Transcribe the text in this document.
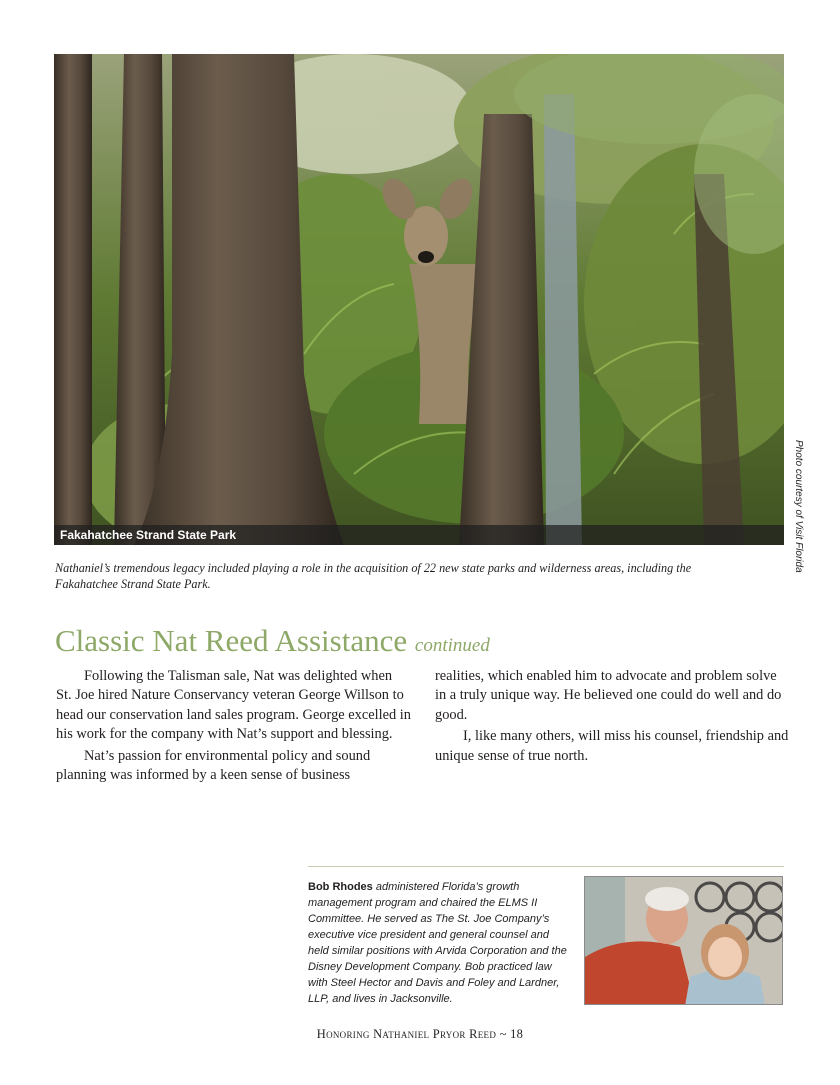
Fakahatchee Strand State Park	Photo courtesy of Visit Florida
Nathaniel’s tremendous legacy included playing a role in the acquisition of 22 new state parks and wilderness areas, including the Fakahatchee Strand State Park.
Classic Nat Reed Assistance continued

Following the Talisman sale, Nat was delighted when St. Joe hired Nature Conservancy veteran George Willson to head our conservation land sales program. George excelled in his work for the company with Nat’s support and blessing.

Nat’s passion for environmental policy and sound planning was informed by a keen sense of business

realities, which enabled him to advocate and problem solve in a truly unique way. He believed one could do well and do good.

I, like many others, will miss his counsel, friendship and unique sense of true north.

Bob Rhodes administered Florida’s growth management program and chaired the ELMS II Committee. He served as The St. Joe Company’s executive vice president and general counsel and held similar positions with Arvida Corporation and the Disney Development Company. Bob practiced law with Steel Hector and Davis and Foley and Lardner, LLP, and lives in Jacksonville.
Honoring Nathaniel Pryor Reed ~ 18
